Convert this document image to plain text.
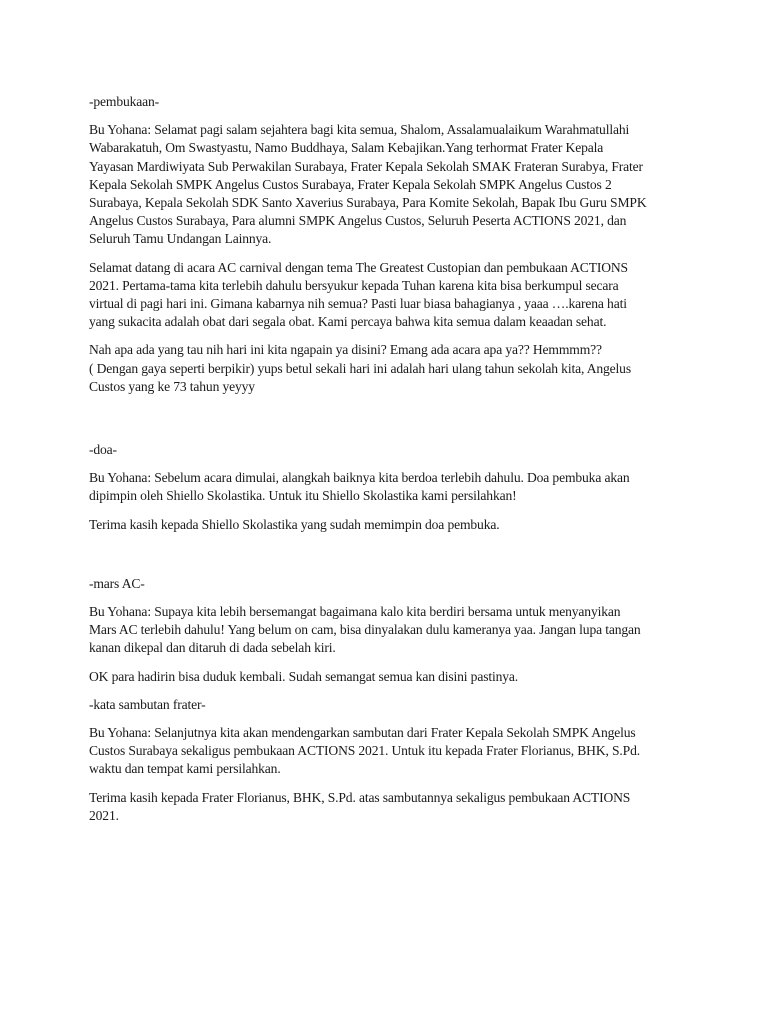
-pembukaan-
Bu Yohana: Selamat pagi salam sejahtera bagi kita semua, Shalom, Assalamualaikum Warahmatullahi
Wabarakatuh, Om Swastyastu, Namo Buddhaya, Salam Kebajikan.Yang terhormat Frater Kepala
Yayasan Mardiwiyata Sub Perwakilan Surabaya, Frater Kepala Sekolah SMAK Frateran Surabya, Frater
Kepala Sekolah SMPK Angelus Custos Surabaya, Frater Kepala Sekolah SMPK Angelus Custos 2
Surabaya, Kepala Sekolah SDK Santo Xaverius Surabaya, Para Komite Sekolah, Bapak Ibu Guru SMPK
Angelus Custos Surabaya, Para alumni SMPK Angelus Custos, Seluruh Peserta ACTIONS 2021, dan
Seluruh Tamu Undangan Lainnya.
Selamat datang di acara AC carnival dengan tema The Greatest Custopian dan pembukaan ACTIONS
2021. Pertama-tama kita terlebih dahulu bersyukur kepada Tuhan karena kita bisa berkumpul secara
virtual di pagi hari ini. Gimana kabarnya nih semua? Pasti luar biasa bahagianya , yaaa ….karena hati
yang sukacita adalah obat dari segala obat. Kami percaya bahwa kita semua dalam keaadan sehat.
Nah apa ada yang tau nih hari ini kita ngapain ya disini? Emang ada acara apa ya?? Hemmmm??
( Dengan gaya seperti berpikir) yups betul sekali hari ini adalah hari ulang tahun sekolah kita, Angelus
Custos yang ke 73 tahun yeyyy
-doa-
Bu Yohana: Sebelum acara dimulai, alangkah baiknya kita berdoa terlebih dahulu. Doa pembuka akan
dipimpin oleh Shiello Skolastika. Untuk itu Shiello Skolastika kami persilahkan!
Terima kasih kepada Shiello Skolastika yang sudah memimpin doa pembuka.
-mars AC-
Bu Yohana: Supaya kita lebih bersemangat bagaimana kalo kita berdiri bersama untuk menyanyikan
Mars AC terlebih dahulu! Yang belum on cam, bisa dinyalakan dulu kameranya yaa. Jangan lupa tangan
kanan dikepal dan ditaruh di dada sebelah kiri.
OK para hadirin bisa duduk kembali. Sudah semangat semua kan disini pastinya.
-kata sambutan frater-
Bu Yohana: Selanjutnya kita akan mendengarkan sambutan dari Frater Kepala Sekolah SMPK Angelus
Custos Surabaya sekaligus pembukaan ACTIONS 2021. Untuk itu kepada Frater Florianus, BHK, S.Pd.
waktu dan tempat kami persilahkan.
Terima kasih kepada Frater Florianus, BHK, S.Pd. atas sambutannya sekaligus pembukaan ACTIONS
2021.
